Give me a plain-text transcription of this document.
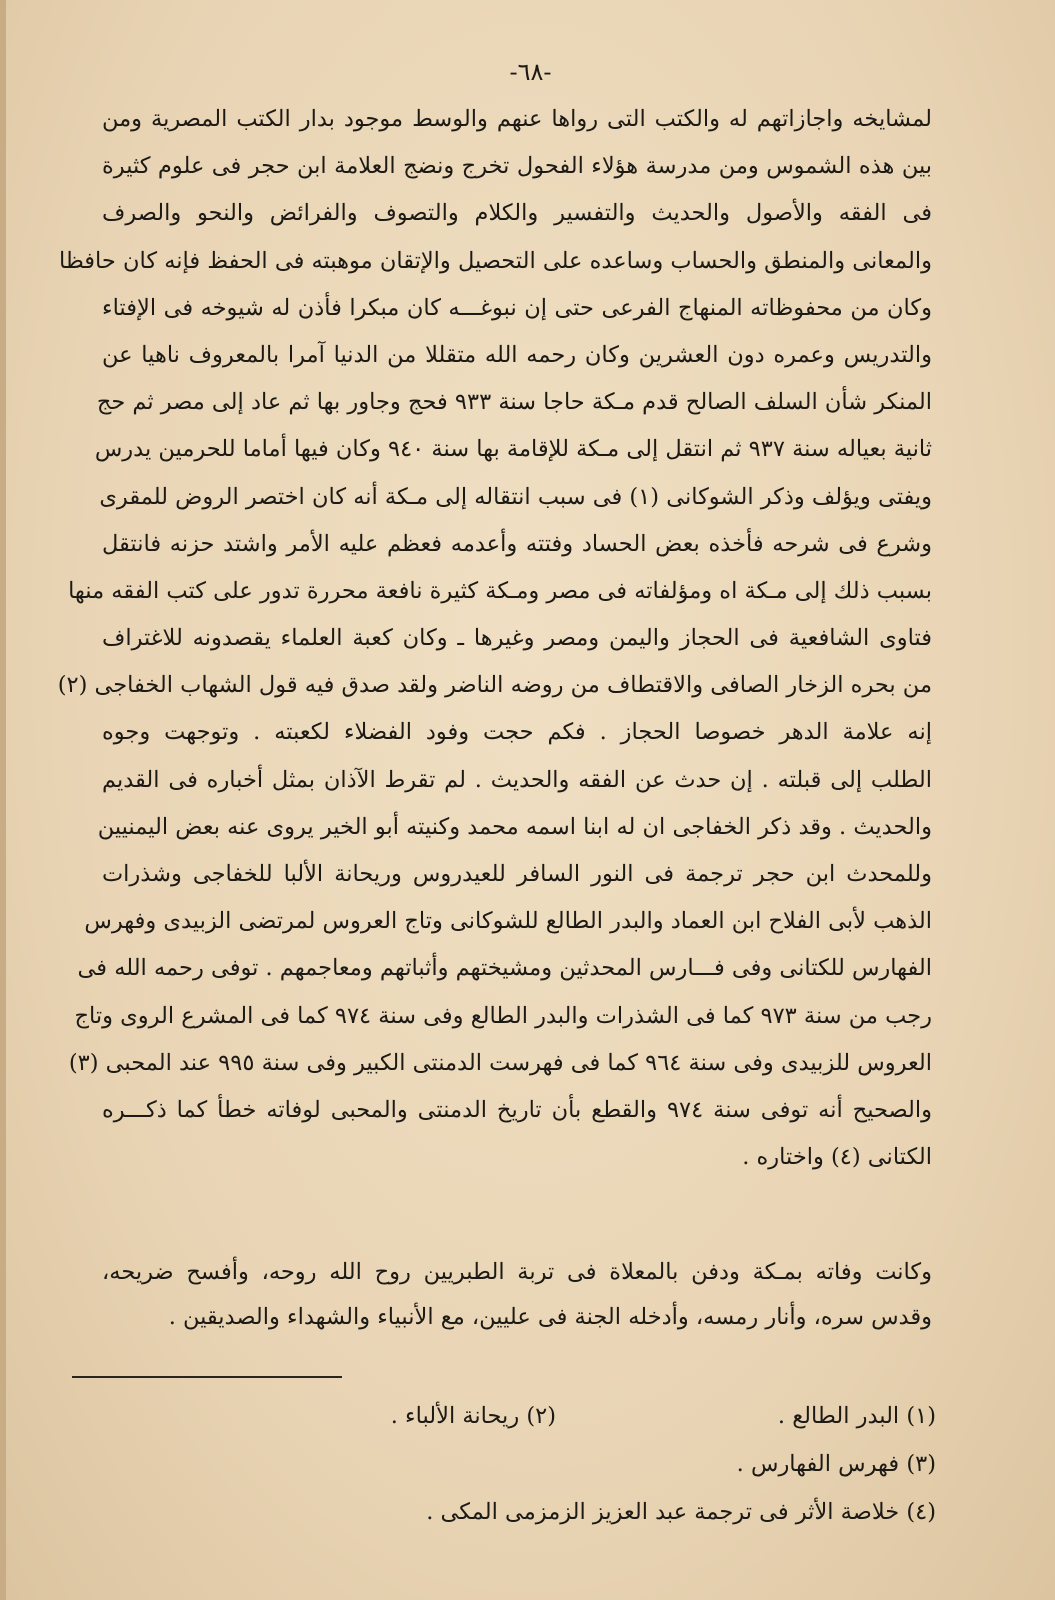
-٦٨-
لمشايخه واجازاتهم له والكتب التى رواها عنهم والوسط موجود بدار الكتب المصرية ومن
بين هذه الشموس ومن مدرسة هؤلاء الفحول تخرج ونضج العلامة ابن حجر فى علوم كثيرة
فى الفقه والأصول والحديث والتفسير والكلام والتصوف والفرائض والنحو والصرف
والمعانى والمنطق والحساب وساعده على التحصيل والإتقان موهبته فى الحفظ فإنه كان حافظا
وكان من محفوظاته المنهاج الفرعى حتى إن نبوغـــه كان مبكرا فأذن له شيوخه فى الإفتاء
والتدريس وعمره دون العشرين وكان رحمه الله متقللا من الدنيا آمرا بالمعروف ناهيا عن
المنكر شأن السلف الصالح قدم مـكة حاجا سنة ٩٣٣ فحج وجاور بها ثم عاد إلى مصر ثم حج
ثانية بعياله سنة ٩٣٧ ثم انتقل إلى مـكة للإقامة بها سنة ٩٤٠ وكان فيها أماما للحرمين يدرس
ويفتى ويؤلف وذكر الشوكانى (١) فى سبب انتقاله إلى مـكة أنه كان اختصر الروض للمقرى
وشرع فى شرحه فأخذه بعض الحساد وفتته وأعدمه فعظم عليه الأمر واشتد حزنه فانتقل
بسبب ذلك إلى مـكة اه ومؤلفاته فى مصر ومـكة كثيرة نافعة محررة تدور على كتب الفقه منها
فتاوى الشافعية فى الحجاز واليمن ومصر وغيرها ـ وكان كعبة العلماء يقصدونه للاغتراف
من بحره الزخار الصافى والاقتطاف من روضه الناضر ولقد صدق فيه قول الشهاب الخفاجى (٢)
إنه علامة الدهر خصوصا الحجاز . فكم حجت وفود الفضلاء لكعبته . وتوجهت وجوه
الطلب إلى قبلته . إن حدث عن الفقه والحديث . لم تقرط الآذان بمثل أخباره فى القديم
والحديث . وقد ذكر الخفاجى ان له ابنا اسمه محمد وكنيته أبو الخير يروى عنه بعض اليمنيين
وللمحدث ابن حجر ترجمة فى النور السافر للعيدروس وريحانة الألبا للخفاجى وشذرات
الذهب لأبى الفلاح ابن العماد والبدر الطالع للشوكانى وتاج العروس لمرتضى الزبيدى وفهرس
الفهارس للكتانى وفى فـــارس المحدثين ومشيختهم وأثباتهم ومعاجمهم . توفى رحمه الله فى
رجب من سنة ٩٧٣ كما فى الشذرات والبدر الطالع وفى سنة ٩٧٤ كما فى المشرع الروى وتاج
العروس للزبيدى وفى سنة ٩٦٤ كما فى فهرست الدمنتى الكبير وفى سنة ٩٩٥ عند المحبى (٣)
والصحيح أنه توفى سنة ٩٧٤ والقطع بأن تاريخ الدمنتى والمحبى لوفاته خطأ كما ذكـــره
الكتانى (٤) واختاره .
وكانت وفاته بمـكة ودفن بالمعلاة فى تربة الطبريين روح الله روحه، وأفسح ضريحه،
وقدس سره، وأنار رمسه، وأدخله الجنة فى عليين، مع الأنبياء والشهداء والصديقين .
(١) البدر الطالع .
(٢) ريحانة الألباء .
(٣) فهرس الفهارس .
(٤) خلاصة الأثر فى ترجمة عبد العزيز الزمزمى المكى .
